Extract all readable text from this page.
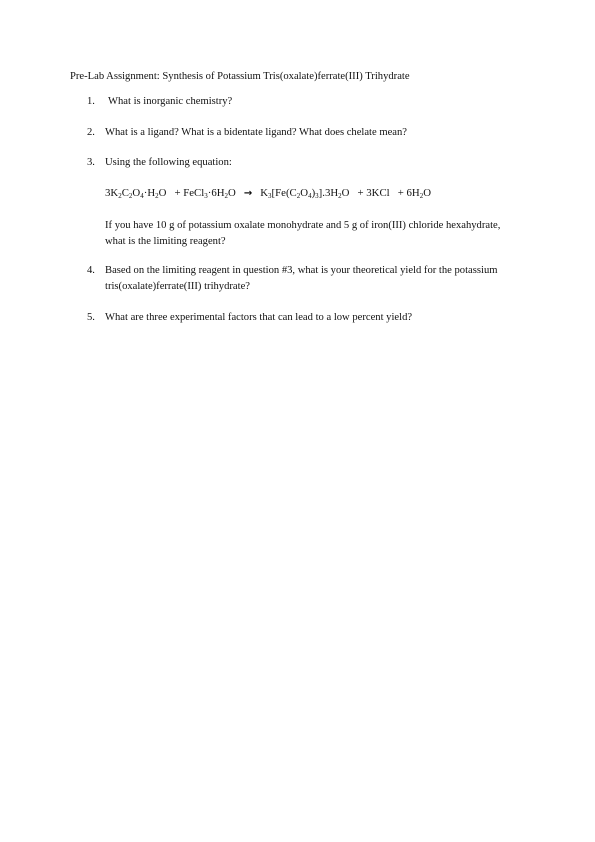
Pre-Lab Assignment: Synthesis of Potassium Tris(oxalate)ferrate(III) Trihydrate
1. What is inorganic chemistry?
2. What is a ligand? What is a bidentate ligand? What does chelate mean?
3. Using the following equation:
$3K_2C_2O_4\cdot H_2O$ + $FeCl_3\cdot 6H_2O \to K_3[Fe(C_2O_4)_3].3H_2O + 3KCl + 6H_2O$
If you have 10 g of potassium oxalate monohydrate and 5 g of iron(III) chloride hexahydrate, what is the limiting reagent?
4. Based on the limiting reagent in question #3, what is your theoretical yield for the potassium tris(oxalate)ferrate(III) trihydrate?
5. What are three experimental factors that can lead to a low percent yield?
